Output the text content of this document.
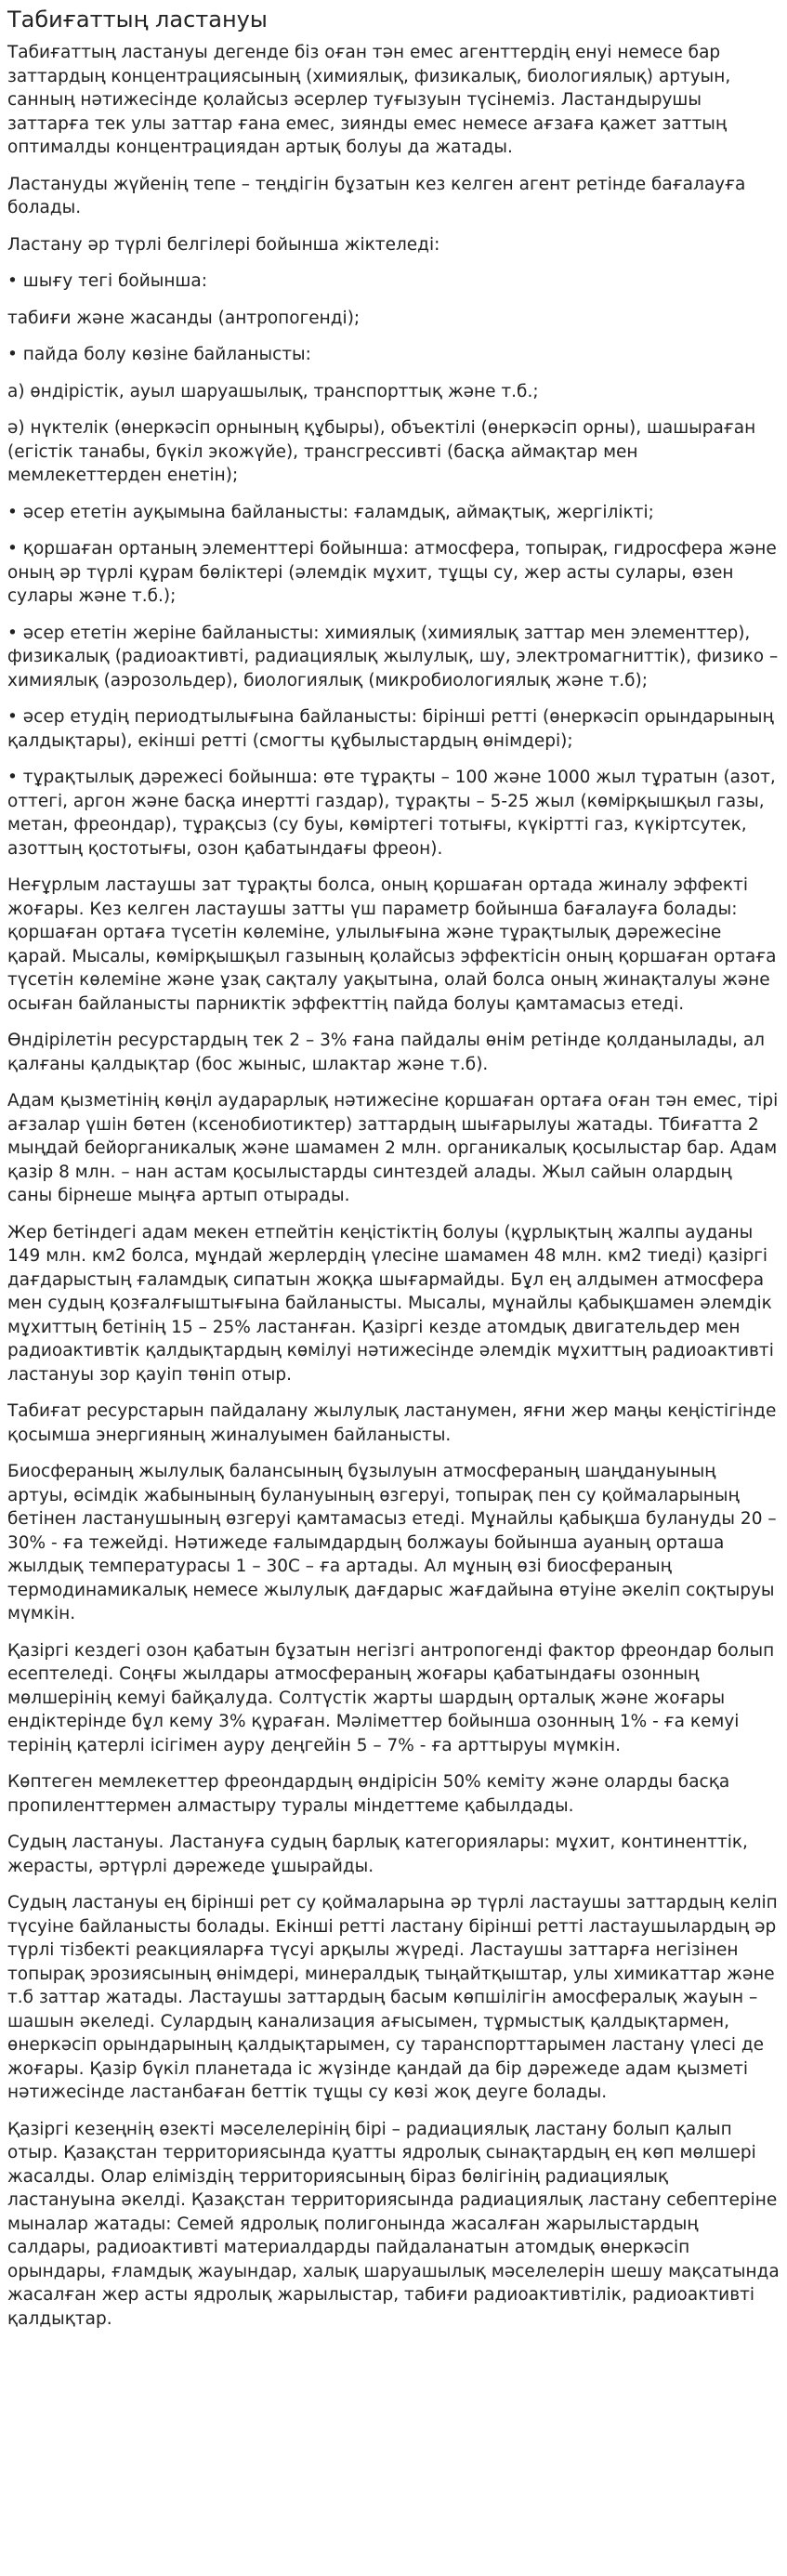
Табиғаттың ластануы

Табиғаттың ластануы дегенде біз оған тән емес агенттердің енуі немесе бар заттардың концентрациясының (химиялық, физикалық, биологиялық) артуын, санның нәтижесінде қолайсыз әсерлер туғызуын түсінеміз. Ластандырушы заттарға тек улы заттар ғана емес, зиянды емес немесе ағзаға қажет заттың оптималды концентрациядан артық болуы да жатады.

Ластануды жүйенің тепе – теңдігін бұзатын кез келген агент ретінде бағалауға болады.

Ластану әр түрлі белгілері бойынша жіктеледі:

• шығу тегі бойынша:

табиғи және жасанды (антропогенді);

• пайда болу көзіне байланысты:

а) өндірістік, ауыл шаруашылық, транспорттық және т.б.;

ә) нүктелік (өнеркәсіп орнының құбыры), объектілі (өнеркәсіп орны), шашыраған (егістік танабы, бүкіл экожүйе), трансгрессивті (басқа аймақтар мен мемлекеттерден енетін);

• әсер ететін ауқымына байланысты: ғаламдық, аймақтық, жергілікті;

• қоршаған ортаның элементтері бойынша: атмосфера, топырақ, гидросфера және оның әр түрлі құрам бөліктері (әлемдік мұхит, тұщы су, жер асты сулары, өзен сулары және т.б.);

• әсер ететін жеріне байланысты: химиялық (химиялық заттар мен элементтер), физикалық (радиоактивті, радиациялық жылулық, шу, электромагниттік), физико – химиялық (аэрозольдер), биологиялық (микробиологиялық және т.б);

• әсер етудің периодтылығына байланысты: бірінші ретті (өнеркәсіп орындарының қалдықтары), екінші ретті (смогты құбылыстардың өнімдері);

• тұрақтылық дәрежесі бойынша: өте тұрақты – 100 және 1000 жыл тұратын (азот, оттегі, аргон және басқа инертті газдар), тұрақты – 5-25 жыл (көмірқышқыл газы, метан, фреондар), тұрақсыз (су буы, көміртегі тотығы, күкіртті газ, күкіртсутек, азоттың қостотығы, озон қабатындағы фреон).

Неғұрлым ластаушы зат тұрақты болса, оның қоршаған ортада жиналу эффекті жоғары. Кез келген ластаушы затты үш параметр бойынша бағалауға болады: қоршаған ортаға түсетін көлеміне, улылығына және тұрақтылық дәрежесіне қарай. Мысалы, көмірқышқыл газының қолайсыз эффектісін оның қоршаған ортаға түсетін көлеміне және ұзақ сақталу уақытына, олай болса оның жинақталуы және осыған байланысты парниктік эффекттің пайда болуы қамтамасыз етеді.

Өндірілетін ресурстардың тек 2 – 3% ғана пайдалы өнім ретінде қолданылады, ал қалғаны қалдықтар (бос жыныс, шлактар және т.б).

Адам қызметінің көңіл аударарлық нәтижесіне қоршаған ортаға оған тән емес, тірі ағзалар үшін бөтен (ксенобиотиктер) заттардың шығарылуы жатады. Тбиғатта 2 мыңдай бейорганикалық және шамамен 2 млн. органикалық қосылыстар бар. Адам қазір 8 млн. – нан астам қосылыстарды синтездей алады. Жыл сайын олардың саны бірнеше мыңға артып отырады.

Жер бетіндегі адам мекен етпейтін кеңістіктің болуы (құрлықтың жалпы ауданы 149 млн. км2 болса, мұндай жерлердің үлесіне шамамен 48 млн. км2 тиеді) қазіргі дағдарыстың ғаламдық сипатын жоққа шығармайды. Бұл ең алдымен атмосфера мен судың қозғалғыштығына байланысты. Мысалы, мұнайлы қабықшамен әлемдік мұхиттың бетінің 15 – 25% ластанған. Қазіргі кезде атомдық двигательдер мен радиоактивтік қалдықтардың көмілуі нәтижесінде әлемдік мұхиттың радиоактивті ластануы зор қауіп төніп отыр.

Табиғат ресурстарын пайдалану жылулық ластанумен, яғни жер маңы кеңістігінде қосымша энергияның жиналуымен байланысты.

Биосфераның жылулық балансының бұзылуын атмосфераның шаңдануының артуы, өсімдік жабынының булануының өзгеруі, топырақ пен су қоймаларының бетінен ластанушының өзгеруі қамтамасыз етеді. Мұнайлы қабықша булануды 20 – 30% - ға тежейді. Нәтижеде ғалымдардың болжауы бойынша ауаның орташа жылдық температурасы 1 – 30С – ға артады. Ал мұның өзі биосфераның термодинамикалық немесе жылулық дағдарыс жағдайына өтуіне әкеліп соқтыруы мүмкін.

Қазіргі кездегі озон қабатын бұзатын негізгі антропогенді фактор фреондар болып есептеледі. Соңғы жылдары атмосфераның жоғары қабатындағы озонның мөлшерінің кемуі байқалуда. Солтүстік жарты шардың орталық және жоғары ендіктерінде бұл кему 3% құраған. Мәліметтер бойынша озонның 1% - ға кемуі терінің қатерлі ісігімен ауру деңгейін 5 – 7% - ға арттыруы мүмкін.

Көптеген мемлекеттер фреондардың өндірісін 50% кеміту және оларды басқа пропиленттермен алмастыру туралы міндеттеме қабылдады.

Судың ластануы. Ластануға судың барлық категориялары: мұхит, континенттік, жерасты, әртүрлі дәрежеде ұшырайды.

Судың ластануы ең бірінші рет су қоймаларына әр түрлі ластаушы заттардың келіп түсуіне байланысты болады. Екінші ретті ластану бірінші ретті ластаушылардың әр түрлі тізбекті реакцияларға түсуі арқылы жүреді. Ластаушы заттарға негізінен топырақ эрозиясының өнімдері, минералдық тыңайтқыштар, улы химикаттар және т.б заттар жатады. Ластаушы заттардың басым көпшілігін амосфералық жауын – шашын әкеледі. Сулардың канализация ағысымен, тұрмыстық қалдықтармен, өнеркәсіп орындарының қалдықтарымен, су таранспорттарымен ластану үлесі де жоғары. Қазір бүкіл планетада іс жүзінде қандай да бір дәрежеде адам қызметі нәтижесінде ластанбаған беттік тұщы су көзі жоқ деуге болады.

Қазіргі кезеңнің өзекті мәселелерінің бірі – радиациялық ластану болып қалып отыр. Қазақстан территориясында қуатты ядролық сынақтардың ең көп мөлшері жасалды. Олар еліміздің территориясының біраз бөлігінің радиациялық ластануына әкелді. Қазақстан территориясында радиациялық ластану себептеріне мыналар жатады: Семей ядролық полигонында жасалған жарылыстардың салдары, радиоактивті материалдарды пайдаланатын атомдық өнеркәсіп орындары, ғламдық жауындар, халық шаруашылық мәселелерін шешу мақсатында жасалған жер асты ядролық жарылыстар, табиғи радиоактивтілік, радиоактивті қалдықтар.
